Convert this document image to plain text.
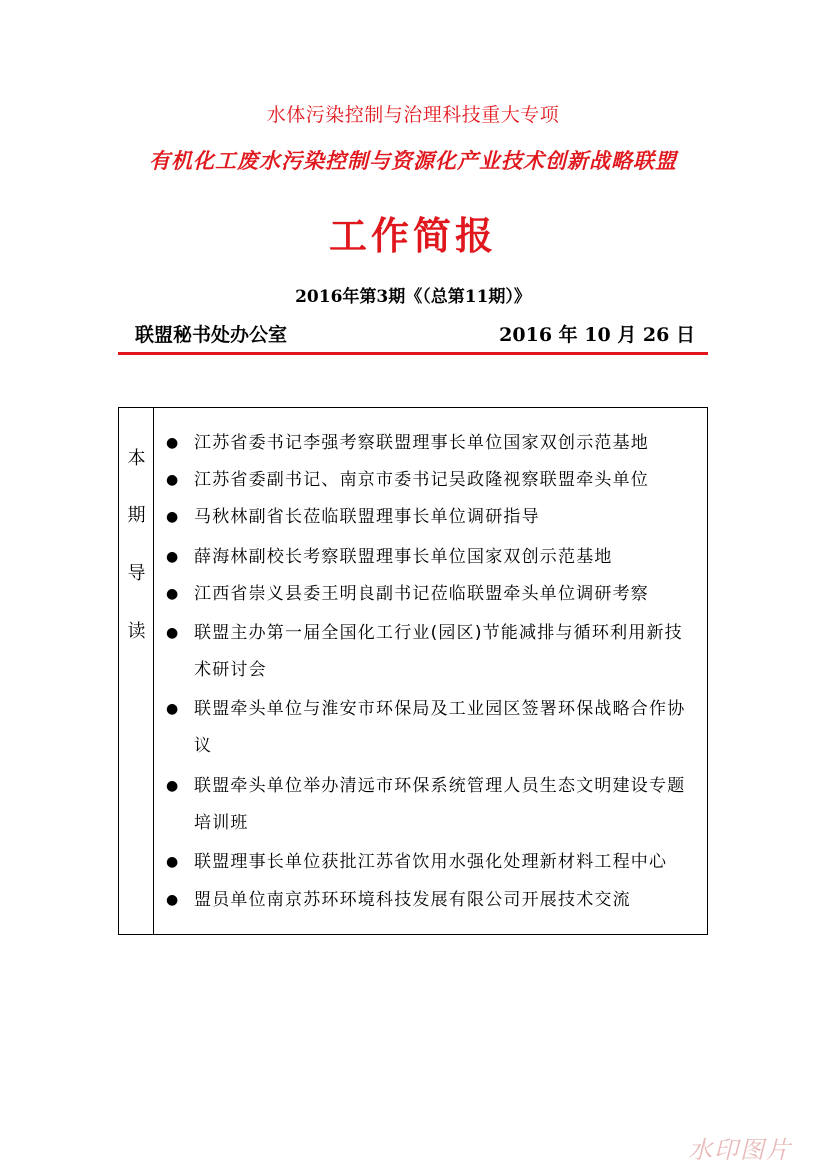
水体污染控制与治理科技重大专项
有机化工废水污染控制与资源化产业技术创新战略联盟
工作简报
2016年第3期《（总第11期）》
联盟秘书处办公室	2016 年 10 月 26 日
本
期
导
读
● 江苏省委书记李强考察联盟理事长单位国家双创示范基地
● 江苏省委副书记、南京市委书记吴政隆视察联盟牵头单位
● 马秋林副省长莅临联盟理事长单位调研指导
● 薛海林副校长考察联盟理事长单位国家双创示范基地
● 江西省崇义县委王明良副书记莅临联盟牵头单位调研考察
● 联盟主办第一届全国化工行业(园区)节能减排与循环利用新技术研讨会
● 联盟牵头单位与淮安市环保局及工业园区签署环保战略合作协议
● 联盟牵头单位举办清远市环保系统管理人员生态文明建设专题培训班
● 联盟理事长单位获批江苏省饮用水强化处理新材料工程中心
● 盟员单位南京苏环环境科技发展有限公司开展技术交流
水印图片
